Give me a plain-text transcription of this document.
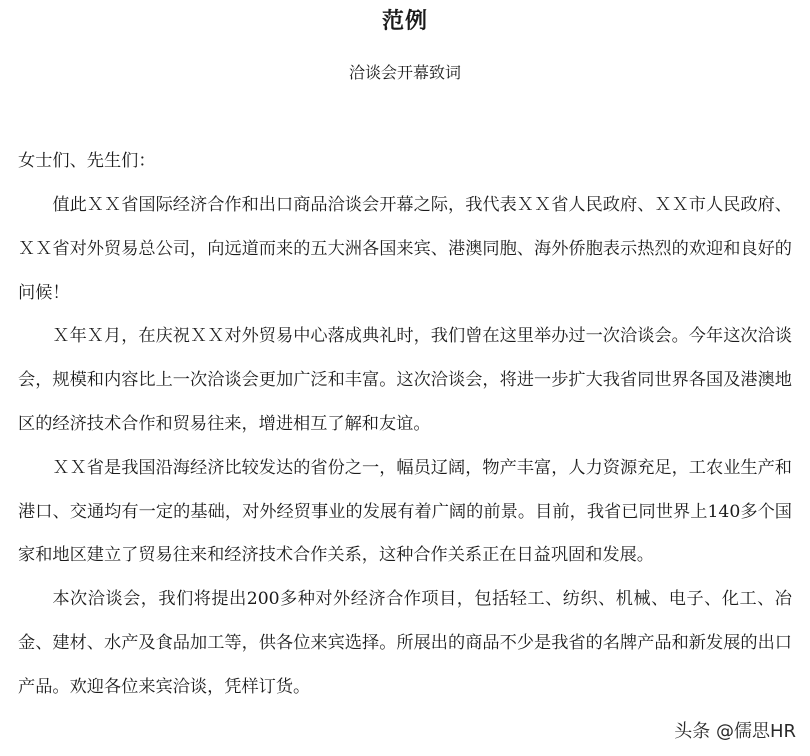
范例
洽谈会开幕致词
女士们、先生们：

值此ＸＸ省国际经济合作和出口商品洽谈会开幕之际，我代表ＸＸ省人民政府、ＸＸ市人民政府、ＸＸ省对外贸易总公司，向远道而来的五大洲各国来宾、港澳同胞、海外侨胞表示热烈的欢迎和良好的问候！

Ｘ年Ｘ月，在庆祝ＸＸ对外贸易中心落成典礼时，我们曾在这里举办过一次洽谈会。今年这次洽谈会，规模和内容比上一次洽谈会更加广泛和丰富。这次洽谈会，将进一步扩大我省同世界各国及港澳地区的经济技术合作和贸易往来，增进相互了解和友谊。

ＸＸ省是我国沿海经济比较发达的省份之一，幅员辽阔，物产丰富，人力资源充足，工农业生产和港口、交通均有一定的基础，对外经贸事业的发展有着广阔的前景。目前，我省已同世界上140多个国家和地区建立了贸易往来和经济技术合作关系，这种合作关系正在日益巩固和发展。

本次洽谈会，我们将提出200多种对外经济合作项目，包括轻工、纺织、机械、电子、化工、冶金、建材、水产及食品加工等，供各位来宾选择。所展出的商品不少是我省的名牌产品和新发展的出口产品。欢迎各位来宾洽谈，凭样订货。

头条 @儒思HR
